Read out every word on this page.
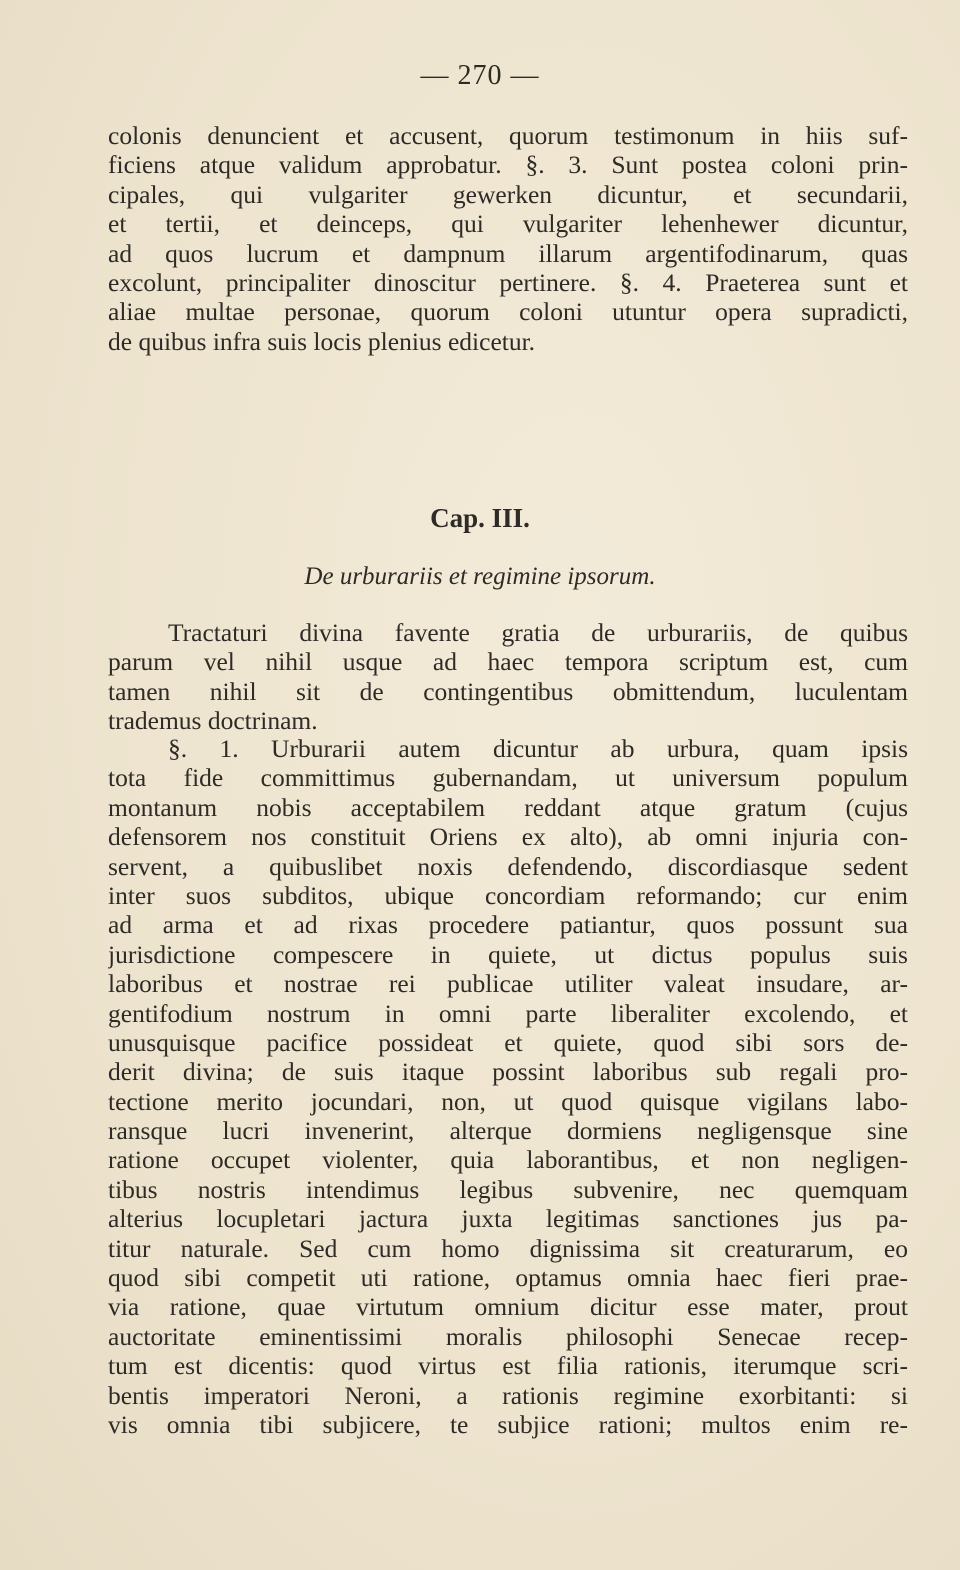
— 270 —
colonis denuncient et accusent, quorum testimonum in hiis suf-
ficiens atque validum approbatur. §. 3. Sunt postea coloni prin-
cipales, qui vulgariter gewerken dicuntur, et secundarii,
et tertii, et deinceps, qui vulgariter lehenhewer dicuntur,
ad quos lucrum et dampnum illarum argentifodinarum, quas
excolunt, principaliter dinoscitur pertinere. §. 4. Praeterea sunt et
aliae multae personae, quorum coloni utuntur opera supradicti,
de quibus infra suis locis plenius edicetur.
Cap. III.
De urburariis et regimine ipsorum.
Tractaturi divina favente gratia de urburariis, de quibus
parum vel nihil usque ad haec tempora scriptum est, cum
tamen nihil sit de contingentibus obmittendum, luculentam
trademus doctrinam.
§. 1. Urburarii autem dicuntur ab urbura, quam ipsis
tota fide committimus gubernandam, ut universum populum
montanum nobis acceptabilem reddant atque gratum (cujus
defensorem nos constituit Oriens ex alto), ab omni injuria con-
servent, a quibuslibet noxis defendendo, discordiasque sedent
inter suos subditos, ubique concordiam reformando; cur enim
ad arma et ad rixas procedere patiantur, quos possunt sua
jurisdictione compescere in quiete, ut dictus populus suis
laboribus et nostrae rei publicae utiliter valeat insudare, ar-
gentifodium nostrum in omni parte liberaliter excolendo, et
unusquisque pacifice possideat et quiete, quod sibi sors de-
derit divina; de suis itaque possint laboribus sub regali pro-
tectione merito jocundari, non, ut quod quisque vigilans labo-
ransque lucri invenerint, alterque dormiens negligensque sine
ratione occupet violenter, quia laborantibus, et non negligen-
tibus nostris intendimus legibus subvenire, nec quemquam
alterius locupletari jactura juxta legitimas sanctiones jus pa-
titur naturale. Sed cum homo dignissima sit creaturarum, eo
quod sibi competit uti ratione, optamus omnia haec fieri prae-
via ratione, quae virtutum omnium dicitur esse mater, prout
auctoritate eminentissimi moralis philosophi Senecae recep-
tum est dicentis: quod virtus est filia rationis, iterumque scri-
bentis imperatori Neroni, a rationis regimine exorbitanti: si
vis omnia tibi subjicere, te subjice rationi; multos enim re-
